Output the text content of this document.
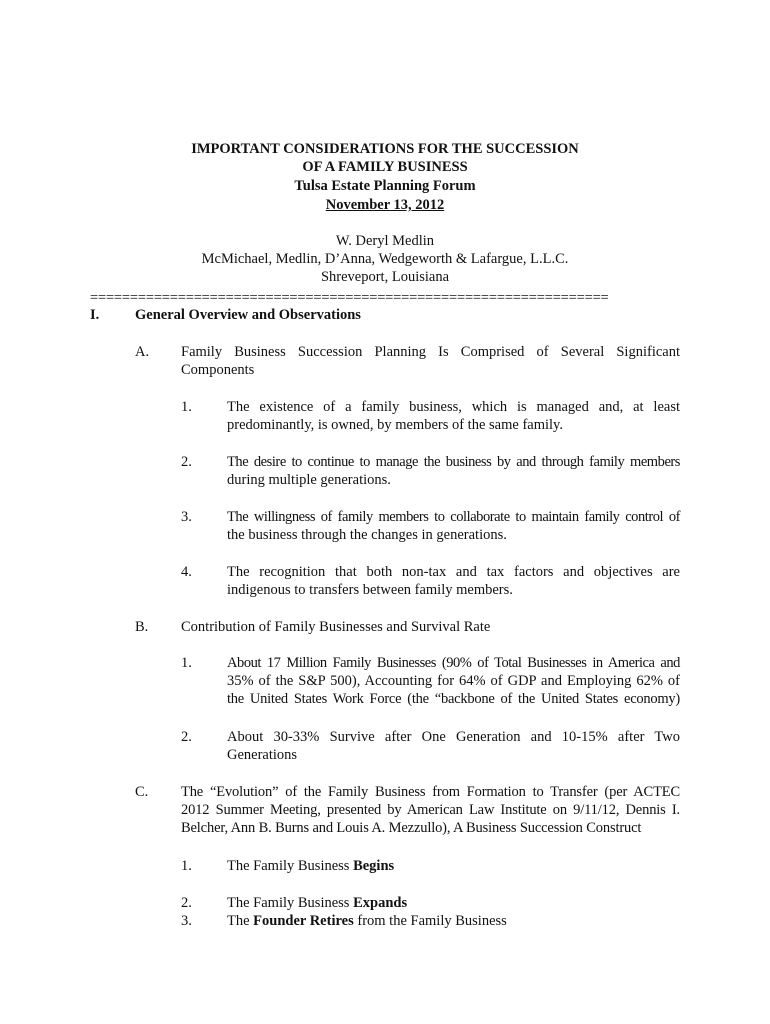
IMPORTANT CONSIDERATIONS FOR THE SUCCESSION
OF A FAMILY BUSINESS
Tulsa Estate Planning Forum
November 13, 2012
W. Deryl Medlin
McMichael, Medlin, D’Anna, Wedgeworth & Lafargue, L.L.C.
Shreveport, Louisiana
=================================================================
I. General Overview and Observations
A. Family Business Succession Planning Is Comprised of Several Significant
Components
1. The existence of a family business, which is managed and, at least
predominantly, is owned, by members of the same family.
2. The desire to continue to manage the business by and through family members
during multiple generations.
3. The willingness of family members to collaborate to maintain family control of
the business through the changes in generations.
4. The recognition that both non-tax and tax factors and objectives are
indigenous to transfers between family members.
B. Contribution of Family Businesses and Survival Rate
1. About 17 Million Family Businesses (90% of Total Businesses in America and
35% of the S&P 500), Accounting for 64% of GDP and Employing 62% of
the United States Work Force (the “backbone of the United States economy)
2. About 30-33% Survive after One Generation and 10-15% after Two
Generations
C. The “Evolution” of the Family Business from Formation to Transfer (per ACTEC
2012 Summer Meeting, presented by American Law Institute on 9/11/12, Dennis I.
Belcher, Ann B. Burns and Louis A. Mezzullo), A Business Succession Construct
1. The Family Business Begins
2. The Family Business Expands
3. The Founder Retires from the Family Business
